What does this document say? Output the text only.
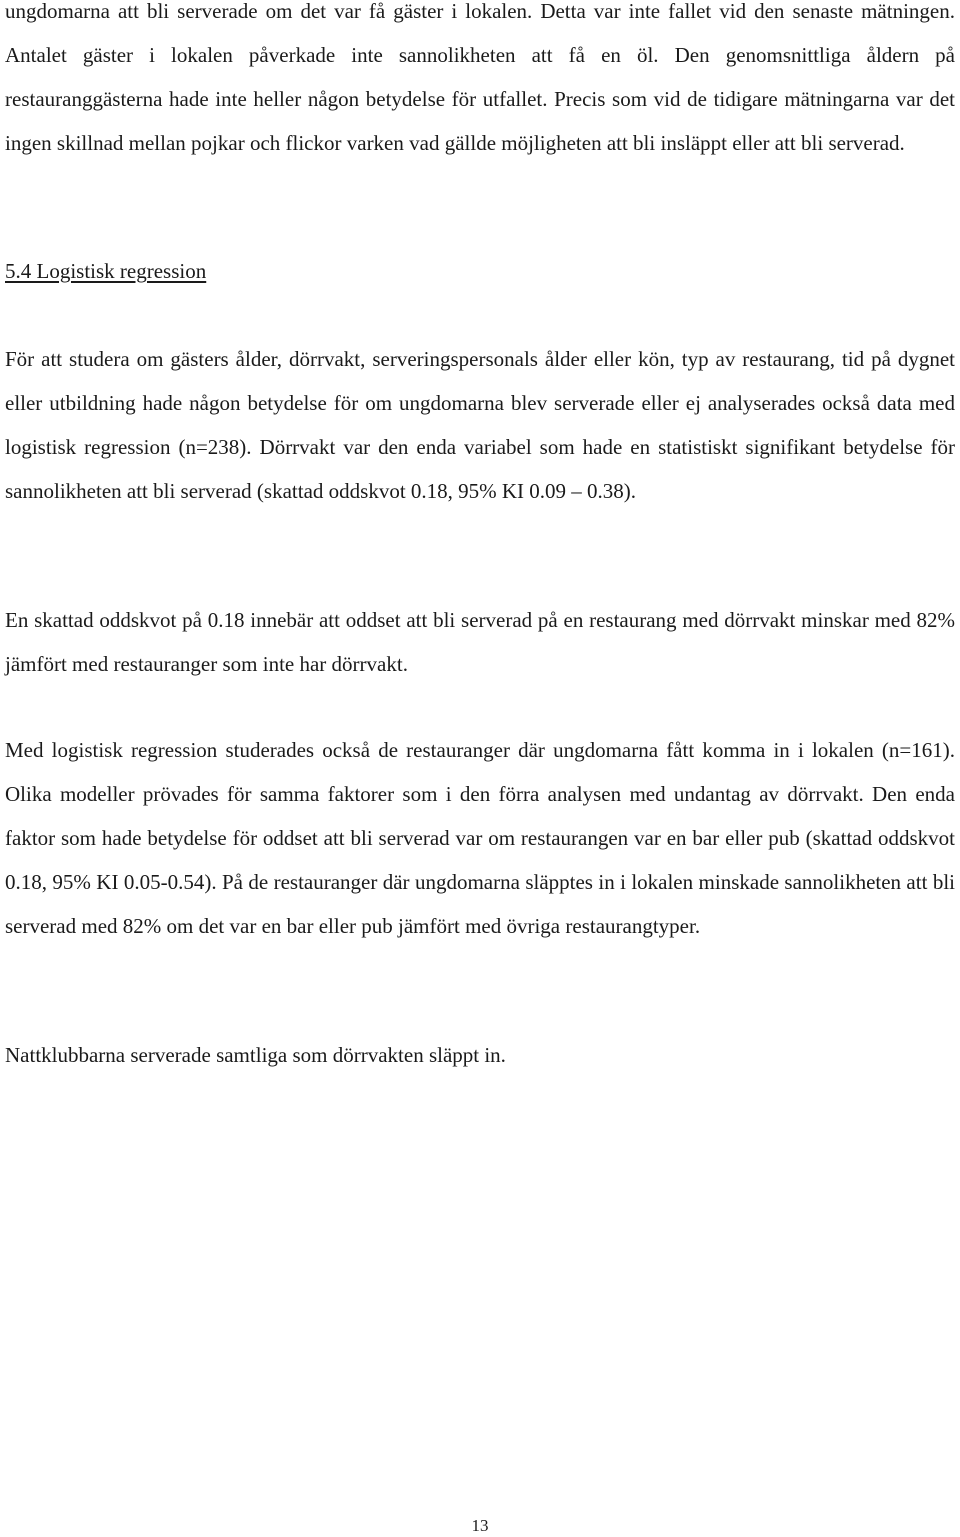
ungdomarna att bli serverade om det var få gäster i lokalen. Detta var inte fallet vid den senaste mätningen. Antalet gäster i lokalen påverkade inte sannolikheten att få en öl. Den genomsnittliga åldern på restauranggästerna hade inte heller någon betydelse för utfallet. Precis som vid de tidigare mätningarna var det ingen skillnad mellan pojkar och flickor varken vad gällde möjligheten att bli insläppt eller att bli serverad.

5.4 Logistisk regression

För att studera om gästers ålder, dörrvakt, serveringspersonals ålder eller kön, typ av restaurang, tid på dygnet eller utbildning hade någon betydelse för om ungdomarna blev serverade eller ej analyserades också data med logistisk regression (n=238). Dörrvakt var den enda variabel som hade en statistiskt signifikant betydelse för sannolikheten att bli serverad (skattad oddskvot 0.18, 95% KI 0.09 – 0.38).

En skattad oddskvot på 0.18 innebär att oddset att bli serverad på en restaurang med dörrvakt minskar med 82% jämfört med restauranger som inte har dörrvakt.

Med logistisk regression studerades också de restauranger där ungdomarna fått komma in i lokalen (n=161). Olika modeller prövades för samma faktorer som i den förra analysen med undantag av dörrvakt. Den enda faktor som hade betydelse för oddset att bli serverad var om restaurangen var en bar eller pub (skattad oddskvot 0.18, 95% KI 0.05-0.54). På de restauranger där ungdomarna släpptes in i lokalen minskade sannolikheten att bli serverad med 82% om det var en bar eller pub jämfört med övriga restaurangtyper.

Nattklubbarna serverade samtliga som dörrvakten släppt in.

13
